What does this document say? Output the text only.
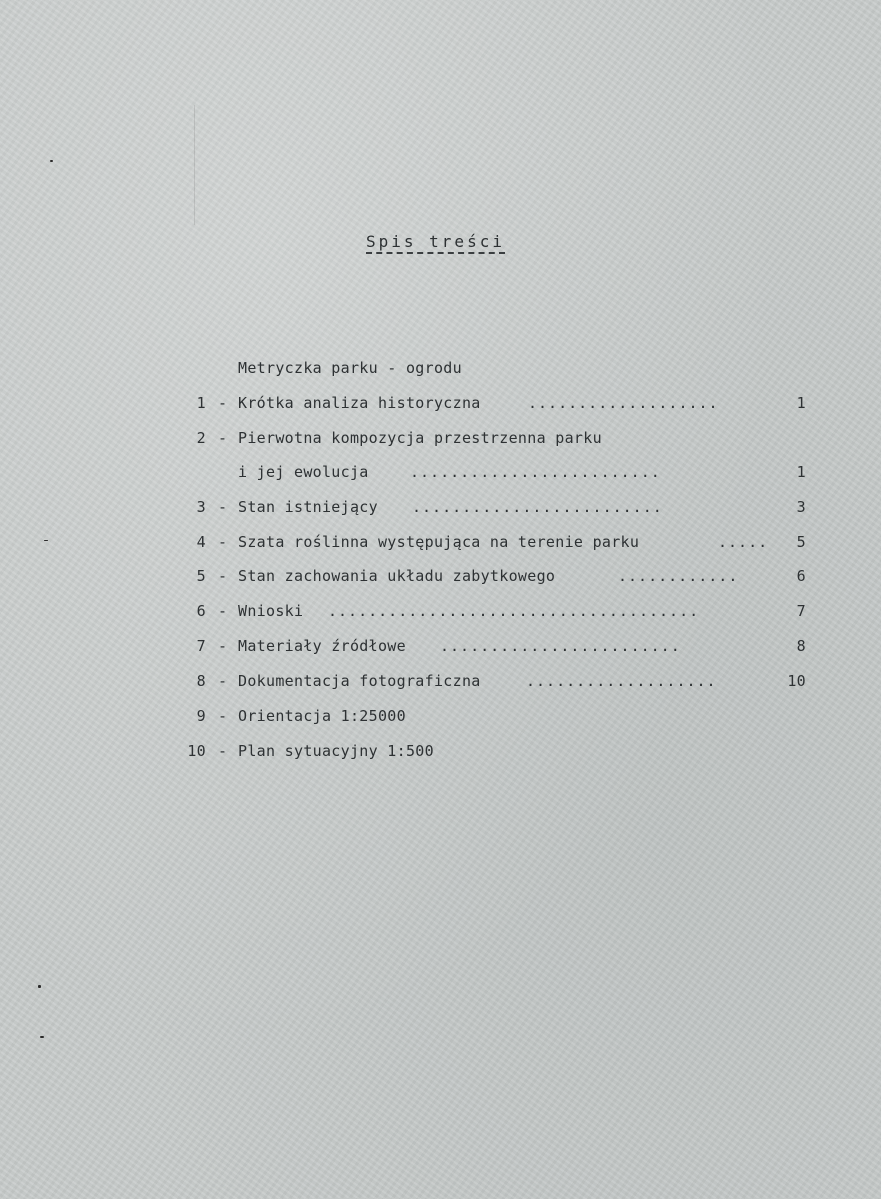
Spis treści
Metryczka parku - ogrodu
1 - Krótka analiza historyczna	...................	1
2 - Pierwotna kompozycja przestrzenna parku
i jej ewolucja	.........................	1
3 - Stan istniejący .........................	3
4 - Szata roślinna występująca na terenie parku	.....	5
5 - Stan zachowania układu zabytkowego	............	6
6 - Wnioski .....................................	7
7 - Materiały źródłowe ........................	8
8 - Dokumentacja fotograficzna	...................	10
9 - Orientacja 1:25000
10 - Plan sytuacyjny 1:500
